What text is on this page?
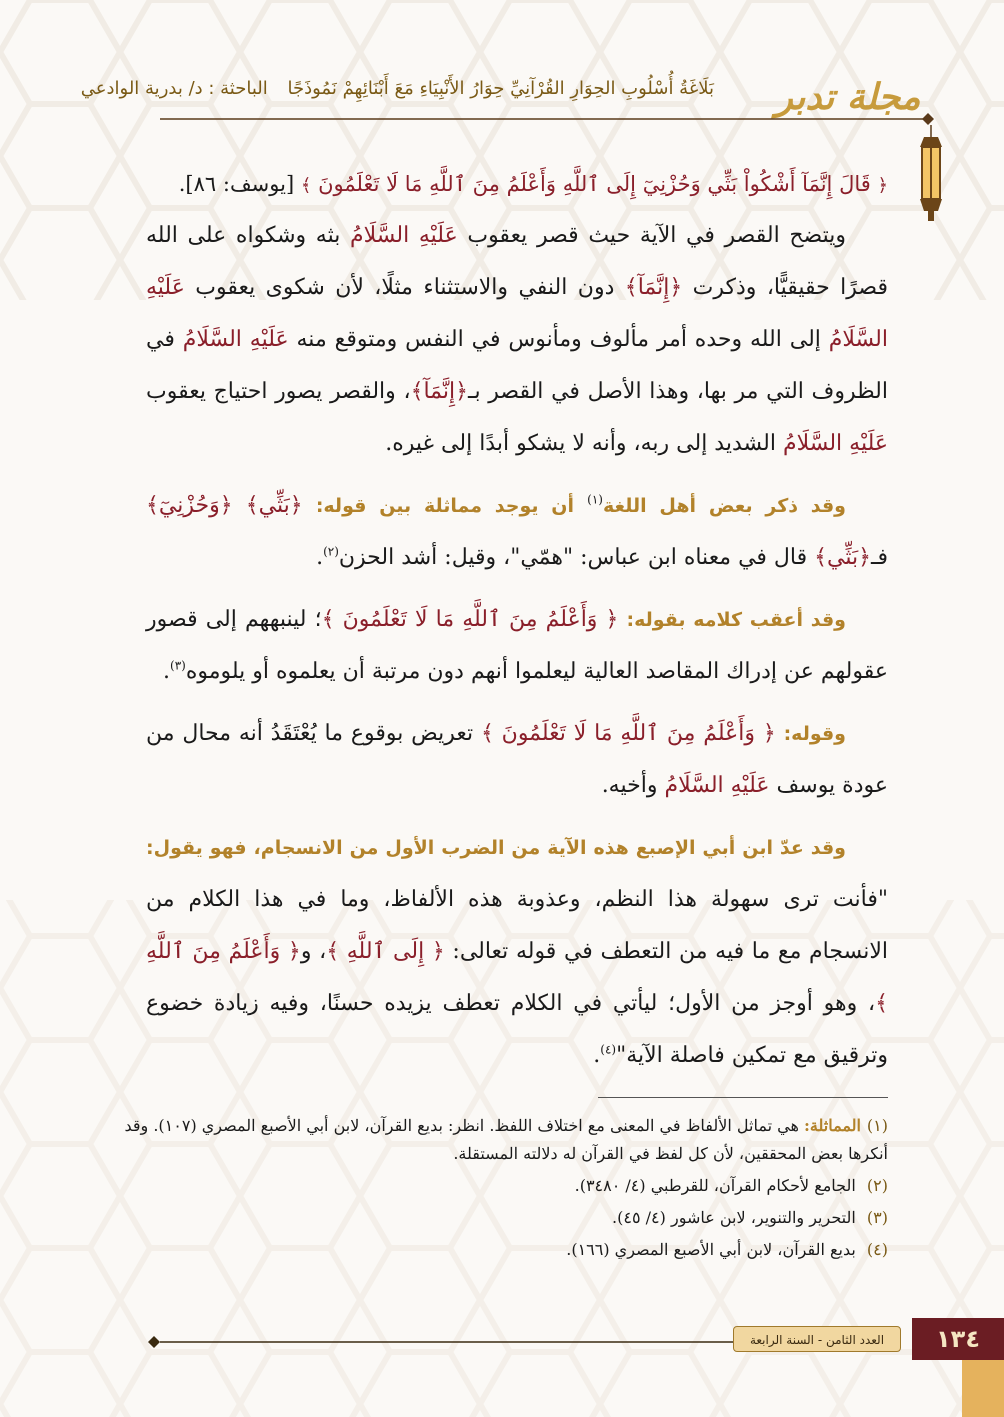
بَلَاغَةُ أُسْلُوبِ الحِوَارِ القُرْآنِيِّ حِوَارُ الأَنْبِيَاءِ مَعَ أَبْنَائِهِمْ نَمُوذَجًا الباحثة : د/ بدرية الوادعي	مجلة تدبر

﴿ قَالَ إِنَّمَآ أَشْكُواْ بَثِّي وَحُزْنِيٓ إِلَى ٱللَّهِ وَأَعْلَمُ مِنَ ٱللَّهِ مَا لَا تَعْلَمُونَ ﴾ [يوسف: ٨٦].

ويتضح القصر في الآية حيث قصر يعقوب عَلَيْهِ السَّلَامُ بثه وشكواه على الله قصرًا حقيقيًّا، وذكرت ﴿إِنَّمَآ﴾ دون النفي والاستثناء مثلًا، لأن شكوى يعقوب عَلَيْهِ السَّلَامُ إلى الله وحده أمر مألوف ومأنوس في النفس ومتوقع منه عَلَيْهِ السَّلَامُ في الظروف التي مر بها، وهذا الأصل في القصر بـ﴿إِنَّمَآ﴾، والقصر يصور احتياج يعقوب عَلَيْهِ السَّلَامُ الشديد إلى ربه، وأنه لا يشكو أبدًا إلى غيره.

وقد ذكر بعض أهل اللغة$^{(١)}$ أن يوجد مماثلة بين قوله: ﴿بَثِّي﴾ ﴿وَحُزْنِيٓ﴾ فـ﴿بَثِّي﴾ قال في معناه ابن عباس: "همّي"، وقيل: أشد الحزن$^{(٢)}$.

وقد أعقب كلامه بقوله: ﴿ وَأَعْلَمُ مِنَ ٱللَّهِ مَا لَا تَعْلَمُونَ ﴾؛ لينبههم إلى قصور عقولهم عن إدراك المقاصد العالية ليعلموا أنهم دون مرتبة أن يعلموه أو يلوموه$^{(٣)}$.

وقوله: ﴿ وَأَعْلَمُ مِنَ ٱللَّهِ مَا لَا تَعْلَمُونَ ﴾ تعريض بوقوع ما يُعْتَقَدُ أنه محال من عودة يوسف عَلَيْهِ السَّلَامُ وأخيه.

وقد عدّ ابن أبي الإصبع هذه الآية من الضرب الأول من الانسجام، فهو يقول: "فأنت ترى سهولة هذا النظم، وعذوبة هذه الألفاظ، وما في هذا الكلام من الانسجام مع ما فيه من التعطف في قوله تعالى: ﴿ إِلَى ٱللَّهِ ﴾، و﴿ وَأَعْلَمُ مِنَ ٱللَّهِ ﴾، وهو أوجز من الأول؛ ليأتي في الكلام تعطف يزيده حسنًا، وفيه زيادة خضوع وترقيق مع تمكين فاصلة الآية"$^{(٤)}$.

(١)المماثلة: هي تماثل الألفاظ في المعنى مع اختلاف اللفظ. انظر: بديع القرآن، لابن أبي الأصبع المصري (١٠٧). وقد أنكرها بعض المحققين، لأن كل لفظ في القرآن له دلالته المستقلة.

(٢) الجامع لأحكام القرآن، للقرطبي (٤/ ٣٤٨٠).

(٣) التحرير والتنوير، لابن عاشور (٤/ ٤٥).

(٤) بديع القرآن، لابن أبي الأصبع المصري (١٦٦).

العدد الثامن - السنة الرابعة	١٣٤
